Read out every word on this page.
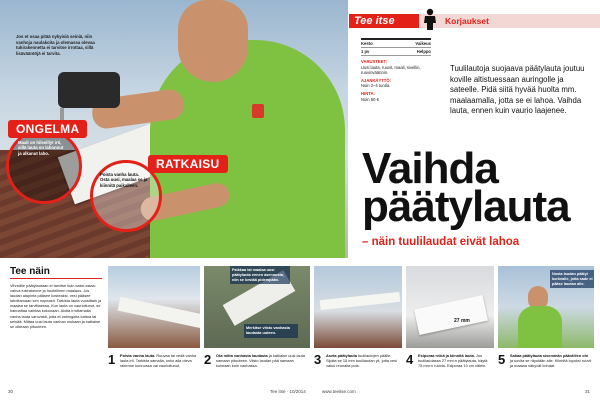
Jos et osaa pitää nykyisiä seiniä, niin vanhoja naulakoita ja olemassa olevaa tukirakennetta ei tarvitse irrottaa, sillä lisävääntöjä ei tarvita.
Maali on hilseillyt irti, sillä lauta on lahonnut ja alkanut laho.
ONGELMA
Poista vanha lauta. Osta uusi, maalaa se ja kiinnitä paikalleen.
RATKAISU
Tee itse	Korjaukset
Kesto	Vaikeus
1 pv	Helppo
VARUSTEET:
Uusi lauta, ruuvit, maali, sivellin, ruuvinväännin.
AJANKÄYTTÖ:
Noin 2–4 tuntia.
HINTA:
Noin 60 €
Tuulilautoja suojaava päätylauta joutuu koville altistuessaan auringolle ja sateelle. Pidä siitä hyvää huolta mm. maalaamalla, jotta se ei lahoa. Vaihda lauta, ennen kuin vaurio laajenee.
Vaihda
päätylauta
– näin tuulilaudat eivät lahoa
Tee näin
Vihreälle päätylautaan ei tarvitse kuin kaksi asiaa: vahva tukirakenne ja huolellinen maalaus. Jos laudan alapinta pääsee kosteaksi, vesi pääsee lahottamaan sen nopeasti. Tarkista lauta vuosittain ja maalaa se tarvittaessa. Kun lauta on vaurioitunut, se kannattaa vaihtaa kokonaan. Aloita irrottamalla vanha lauta varovasti, jotta et vahingoita kattoa tai seinää. Mittaa uusi lauta vanhan mukaan ja katkaise se oikeaan pituuteen.
1 Poista vanha lauta. Ruuvaa tai vedä vanha lauta irti. Tarkista samalla, onko alla oleva rakenne kunnossa vai vaurioitunut.
Paikkaa tai maalaa uusi päätylauta ennen asennusta, niin se kestää pidempään.
Merkitse viisto vanhasta laudasta uuteen.
2 Ota mitta vanhasta laudasta ja katkaise uusi lauta samaan pituuteen. Viisto laudan pää samaan kulmaan kuin vanhassa.	3 Aseta päätylauta tuulilautojen päälle. Sijoita se 15 mm tuulilaudan yli, jotta vesi valuu reunalta pois.
27 mm
4 Esiporaa reikä ja kiinnitä lauta. Jos tuulilaudassa 27 mm:n päätylauta, käytä 75 mm:n ruuvia. Esiporaa 10 cm välein.
Nosta laudan päätyi korkealle, jotta sade ei pääse laudan alle.
5 Sahaa päätylauta sisemmän pääntiilen ohi ja sovita se räystään alle. Kiinnitä lopuksi ruuvit ja maalaa näkyvät kohdat.
30	Tee itse · 10/2014	www.teeitse.com	31
